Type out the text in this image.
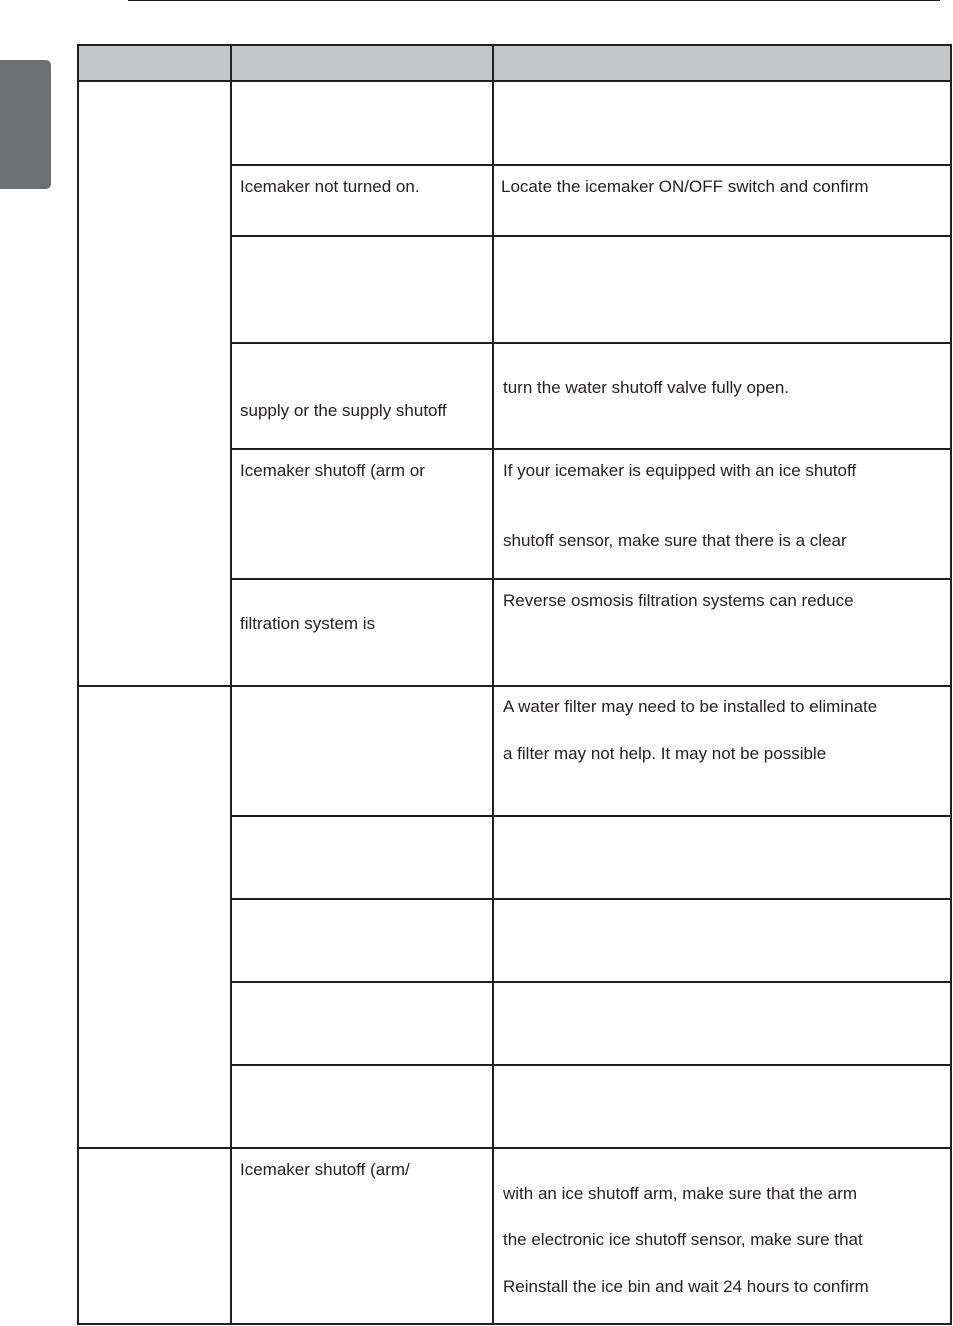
Icemaker not turned on.	Locate the icemaker ON/OFF switch and confirm
supply or the supply shutoff
turn the water shutoff valve fully open.
Icemaker shutoff (arm or	If your icemaker is equipped with an ice shutoff
shutoff sensor, make sure that there is a clear
filtration system is
Reverse osmosis filtration systems can reduce
A water filter may need to be installed to eliminate
a filter may not help. It may not be possible
Icemaker shutoff (arm/
with an ice shutoff arm, make sure that the arm
the electronic ice shutoff sensor, make sure that
Reinstall the ice bin and wait 24 hours to confirm
